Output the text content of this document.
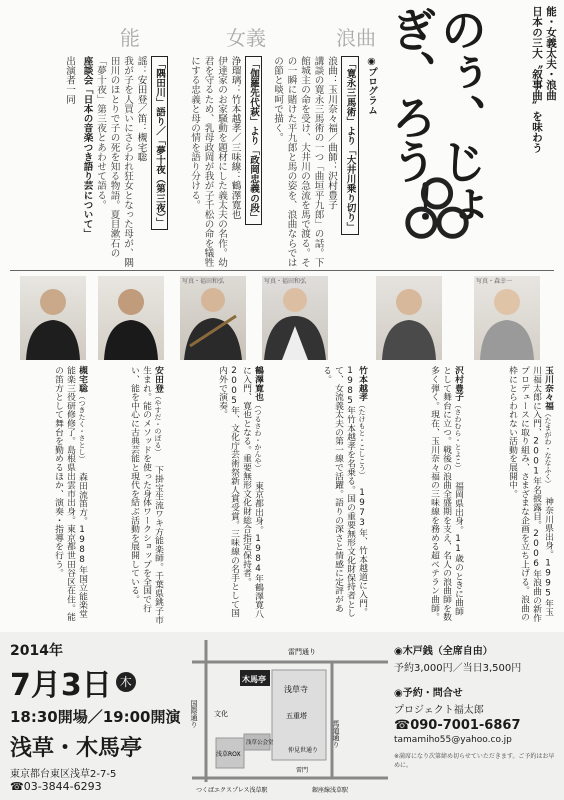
能・女義太夫・浪曲
日本の三大〝叙事曲〟を味わう
のぅ、じょぎ、ろう！
浪曲
女義
能
◉プログラム
「寛永三馬術」より「大井川乗り切り」
浪曲：玉川奈々福／曲師：沢村豊子
講談の寛永三馬術の一つ「曲垣平九郎」の話。下館城主の命を受け、大井川の急流を馬で渡る。その一瞬に賭けた平九郎と馬の姿を、浪曲ならではの節と啖呵で描く。
「伽羅先代萩」より「政岡忠義の段」
浄瑠璃：竹本越孝／三味線：鶴澤寛也
伊達家のお家騒動を題材にした義太夫の名作。幼君を守るため、乳母政岡が我が子千松の命を犠牲にする忠義と母の情を語り分ける。
「隅田川」語り／「夢十夜（第三夜）」
謡：安田登／笛：槻宅聡
我が子を人買いにさらわれ狂女となった母が、隅田川のほとりで子の死を知る物語。夏目漱石の「夢十夜」第三夜とあわせて語る。
座談会「日本の音楽つき語り芸について」
出演者一同
写真・福田和弘	写真・福田和弘	写真・森幸一
玉川奈々福（たまがわ・ななふく） 神奈川県出身。1995年玉川福太郎に入門、2001年名披露目。2006年浪曲の新作プロデュースに取り組み、さまざまな企画を立ち上げる。浪曲の枠にとらわれない活動を展開中。
沢村豊子（さわむら・とよこ） 福岡県出身。11歳のときに曲師として舞台に立つ。戦後の浪曲全盛期を支え、名人の浪曲師を数多く弾く。現在、玉川奈々福の三味線を務める超ベテラン曲師。
竹本越孝（たけもと・こしこう） 1973年、竹本越道に入門。1985年竹本越孝を名乗る。国の重要無形文化財保持者として、女流義太夫の第一線で活躍。語りの深さと情感に定評がある。
鶴澤寛也（つるさわ・かんや） 東京都出身。1984年鶴澤寛八に入門、寛也となる。重要無形文化財総合指定保持者。2005年、文化庁芸術祭新人賞受賞。三味線の名手として国内外で演奏。
安田登（やすだ・のぼる） 下掛宝生流ワキ方能楽師。千葉県銚子市生まれ。能のメソッドを使った身体ワークショップを全国で行い、能を中心に古典芸能と現代を結ぶ活動を展開している。
槻宅聡（つきたく・さとし） 森田流笛方。1988年国立能楽堂能楽三役研修修了。島根県出雲市出身。東京都世田谷区在住。能の笛方として舞台を勤めるほか、演奏・指導を行う。
2014年
7月3日 木
18:30開場／19:00開演
浅草・木馬亭
東京都台東区浅草2-7-5
☎03-3844-6293
雷門通り
国際通り
浅草寺
木馬亭
馬道通り
五重塔
浅草公会堂
文化
浅草ROX
仲見世通り
雷門
つくばエクスプレス浅草駅	銀座線浅草駅
◉木戸銭（全席自由）
予約3,000円／当日3,500円
◉予約・問合せ
プロジェクト福太郎
☎090-7001-6867
tamamiho55@yahoo.co.jp
※満席になり次第締め切らせていただきます。ご予約はお早めに。
